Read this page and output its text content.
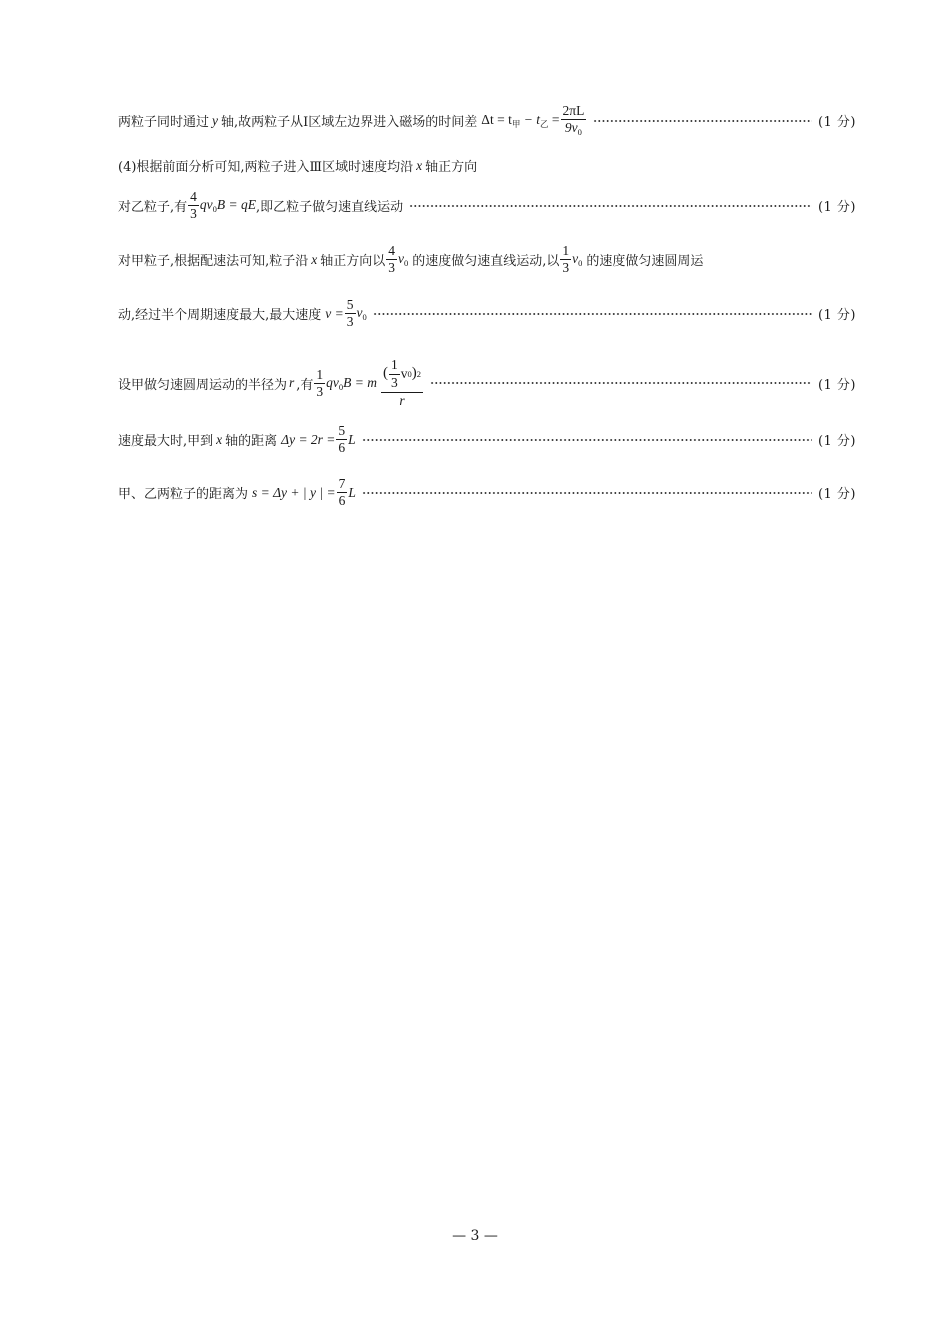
两粒子同时通过 y 轴,故两粒子从Ⅰ区域左边界进入磁场的时间差 $\Delta t = t_甲 - t_乙 = \frac{2\pi L}{9v_0}$	(1 分)
(4)根据前面分析可知,两粒子进入Ⅲ区域时速度均沿 x 轴正方向
对乙粒子,有 $\frac{4}{3} qv_0B$ = qE ,即乙粒子做匀速直线运动	(1 分)
对甲粒子,根据配速法可知,粒子沿 x 轴正方向以 $\frac{4}{3} v_0$ 的速度做匀速直线运动,以 $\frac{1}{3} v_0$ 的速度做匀速圆周运
动,经过半个周期速度最大,最大速度 $v = \frac{5}{3} v_0$	(1 分)
设甲做匀速圆周运动的半径为 r ,有 $\frac{1}{3} qv_0B = m \frac{( \frac{1}{3} v 0 ) 2}{r}$	(1 分)
速度最大时,甲到 x 轴的距离 $\Delta y = 2r = \frac{5}{6}$ L	(1 分)
甲、乙两粒子的距离为 s = Δy + | y | = $\frac{7}{6}$ L	(1 分)
— 3 —
